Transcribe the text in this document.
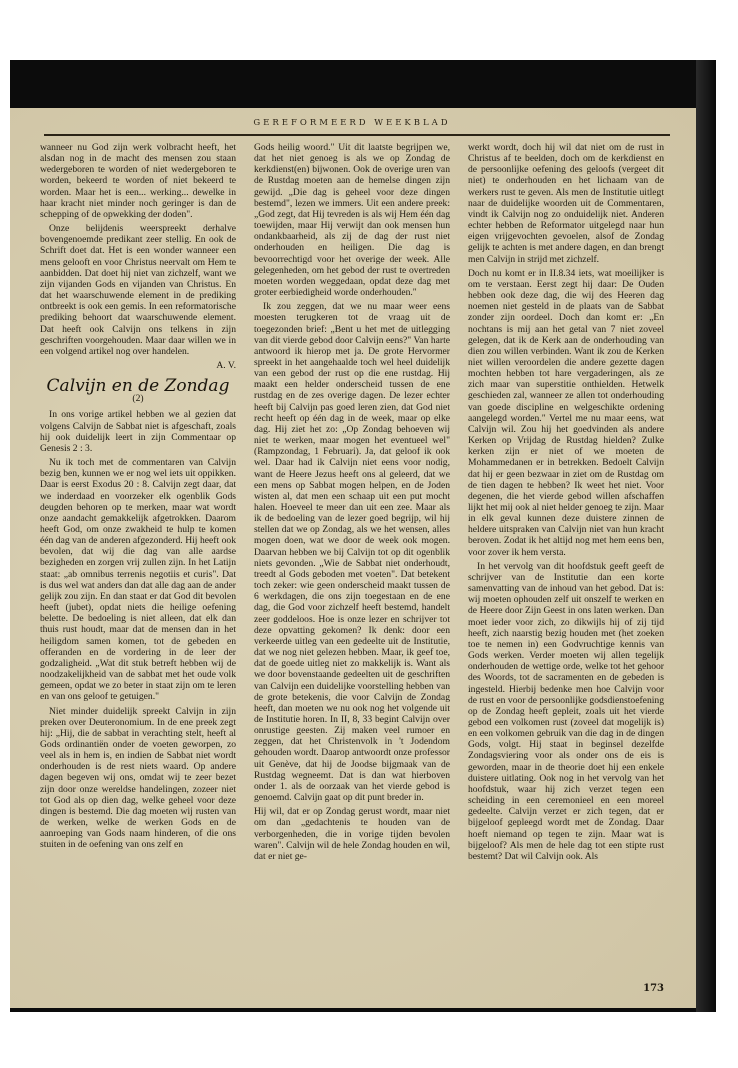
GEREFORMEERD WEEKBLAD

wanneer nu God zijn werk volbracht heeft, het alsdan nog in de macht des mensen zou staan wedergeboren te worden of niet wedergeboren te worden, bekeerd te worden of niet bekeerd te worden. Maar het is een... werking... dewelke in haar kracht niet minder noch geringer is dan de schepping of de opwekking der doden".

Onze belijdenis weerspreekt derhalve bovengenoemde predikant zeer stellig. En ook de Schrift doet dat. Het is een wonder wanneer een mens gelooft en voor Christus neervalt om Hem te aanbidden. Dat doet hij niet van zichzelf, want we zijn vijanden Gods en vijanden van Christus. En dat het waarschuwende element in de prediking ontbreekt is ook een gemis. In een reformatorische prediking behoort dat waarschuwende element. Dat heeft ook Calvijn ons telkens in zijn geschriften voorgehouden. Maar daar willen we in een volgend artikel nog over handelen.

A. V.

Calvijn en de Zondag
(2)

In ons vorige artikel hebben we al gezien dat volgens Calvijn de Sabbat niet is afgeschaft, zoals hij ook duidelijk leert in zijn Commentaar op Genesis 2 : 3.

Nu ik toch met de commentaren van Calvijn bezig ben, kunnen we er nog wel iets uit oppikken. Daar is eerst Exodus 20 : 8. Calvijn zegt daar, dat we inderdaad en voorzeker elk ogenblik Gods deugden behoren op te merken, maar wat wordt onze aandacht gemakkelijk afgetrokken. Daarom heeft God, om onze zwakheid te hulp te komen één dag van de anderen afgezonderd. Hij heeft ook bevolen, dat wij die dag van alle aardse bezigheden en zorgen vrij zullen zijn. In het Latijn staat: „ab omnibus terrenis negotiis et curis". Dat is dus wel wat anders dan dat alle dag aan de ander gelijk zou zijn. En dan staat er dat God dit bevolen heeft (jubet), opdat niets die heilige oefening belette. De bedoeling is niet alleen, dat elk dan thuis rust houdt, maar dat de mensen dan in het heiligdom samen komen, tot de gebeden en offeranden en de vordering in de leer der godzaligheid. „Wat dit stuk betreft hebben wij de noodzakelijkheid van de sabbat met het oude volk gemeen, opdat we zo beter in staat zijn om te leren en van ons geloof te getuigen."

Niet minder duidelijk spreekt Calvijn in zijn preken over Deuteronomium. In de ene preek zegt hij: „Hij, die de sabbat in verachting stelt, heeft al Gods ordinantiën onder de voeten geworpen, zo veel als in hem is, en indien de Sabbat niet wordt onderhouden is de rest niets waard. Op andere dagen begeven wij ons, omdat wij te zeer bezet zijn door onze wereldse handelingen, zozeer niet tot God als op dien dag, welke geheel voor deze dingen is bestemd. Die dag moeten wij rusten van de werken, welke de werken Gods en de aanroeping van Gods naam hinderen, of die ons stuiten in de oefening van ons zelf en

Gods heilig woord." Uit dit laatste begrijpen we, dat het niet genoeg is als we op Zondag de kerkdienst(en) bijwonen. Ook de overige uren van de Rustdag moeten aan de hemelse dingen zijn gewijd. „Die dag is geheel voor deze dingen bestemd", lezen we immers. Uit een andere preek: „God zegt, dat Hij tevreden is als wij Hem één dag toewijden, maar Hij verwijt dan ook mensen hun ondankbaarheid, als zij de dag der rust niet onderhouden en heiligen. Die dag is bevoorrechtigd voor het overige der week. Alle gelegenheden, om het gebod der rust te overtreden moeten worden weggedaan, opdat deze dag met groter eerbiedigheid worde onderhouden."

Ik zou zeggen, dat we nu maar weer eens moesten terugkeren tot de vraag uit de toegezonden brief: „Bent u het met de uitlegging van dit vierde gebod door Calvijn eens?" Van harte antwoord ik hierop met ja. De grote Hervormer spreekt in het aangehaalde toch wel heel duidelijk van een gebod der rust op die ene rustdag. Hij maakt een helder onderscheid tussen de ene rustdag en de zes overige dagen. De lezer echter heeft bij Calvijn pas goed leren zien, dat God niet recht heeft op één dag in de week, maar op elke dag. Hij ziet het zo: „Op Zondag behoeven wij niet te werken, maar mogen het eventueel wel" (Rampzondag, 1 Februari). Ja, dat geloof ik ook wel. Daar had ik Calvijn niet eens voor nodig, want de Heere Jezus heeft ons al geleerd, dat we een mens op Sabbat mogen helpen, en de Joden wisten al, dat men een schaap uit een put mocht halen. Hoeveel te meer dan uit een zee. Maar als ik de bedoeling van de lezer goed begrijp, wil hij stellen dat we op Zondag, als we het wensen, alles mogen doen, wat we door de week ook mogen. Daarvan hebben we bij Calvijn tot op dit ogenblik niets gevonden. „Wie de Sabbat niet onderhoudt, treedt al Gods geboden met voeten". Dat betekent toch zeker: wie geen onderscheid maakt tussen de 6 werkdagen, die ons zijn toegestaan en de ene dag, die God voor zichzelf heeft bestemd, handelt zeer goddeloos. Hoe is onze lezer en schrijver tot deze opvatting gekomen? Ik denk: door een verkeerde uitleg van een gedeelte uit de Institutie, dat we nog niet gelezen hebben. Maar, ik geef toe, dat de goede uitleg niet zo makkelijk is. Want als we door bovenstaande gedeelten uit de geschriften van Calvijn een duidelijke voorstelling hebben van de grote betekenis, die voor Calvijn de Zondag heeft, dan moeten we nu ook nog het volgende uit de Institutie horen. In II, 8, 33 begint Calvijn over onrustige geesten. Zij maken veel rumoer en zeggen, dat het Christenvolk in 't Jodendom gehouden wordt. Daarop antwoordt onze professor uit Genève, dat hij de Joodse bijgmaak van de Rustdag wegneemt. Dat is dan wat hierboven onder 1. als de oorzaak van het vierde gebod is genoemd. Calvijn gaat op dit punt breder in.

Hij wil, dat er op Zondag gerust wordt, maar niet om dan „gedachtenis te houden van de verborgenheden, die in vorige tijden bevolen waren". Calvijn wil de hele Zondag houden en wil, dat er niet ge-

werkt wordt, doch hij wil dat niet om de rust in Christus af te beelden, doch om de kerkdienst en de persoonlijke oefening des geloofs (vergeet dit niet) te onderhouden en het lichaam van de werkers rust te geven. Als men de Institutie uitlegt naar de duidelijke woorden uit de Commentaren, vindt ik Calvijn nog zo onduidelijk niet. Anderen echter hebben de Reformator uitgelegd naar hun eigen vrijgevochten gevoelen, alsof de Zondag gelijk te achten is met andere dagen, en dan brengt men Calvijn in strijd met zichzelf.

Doch nu komt er in II.8.34 iets, wat moeilijker is om te verstaan. Eerst zegt hij daar: De Ouden hebben ook deze dag, die wij des Heeren dag noemen niet gesteld in de plaats van de Sabbat zonder zijn oordeel. Doch dan komt er: „En nochtans is mij aan het getal van 7 niet zoveel gelegen, dat ik de Kerk aan de onderhouding van dien zou willen verbinden. Want ik zou de Kerken niet willen veroordelen die andere gezette dagen mochten hebben tot hare vergaderingen, als ze zich maar van superstitie onthielden. Hetwelk geschieden zal, wanneer ze allen tot onderhouding van goede discipline en welgeschikte ordening aangelegd worden." Vertel me nu maar eens, wat Calvijn wil. Zou hij het goedvinden als andere Kerken op Vrijdag de Rustdag hielden? Zulke kerken zijn er niet of we moeten de Mohammedanen er in betrekken. Bedoelt Calvijn dat hij er geen bezwaar in ziet om de Rustdag om de tien dagen te hebben? Ik weet het niet. Voor degenen, die het vierde gebod willen afschaffen lijkt het mij ook al niet helder genoeg te zijn. Maar in elk geval kunnen deze duistere zinnen de heldere uitspraken van Calvijn niet van hun kracht beroven. Zodat ik het altijd nog met hem eens ben, voor zover ik hem versta.

In het vervolg van dit hoofdstuk geeft geeft de schrijver van de Institutie dan een korte samenvatting van de inhoud van het gebod. Dat is: wij moeten ophouden zelf uit onszelf te werken en de Heere door Zijn Geest in ons laten werken. Dan moet ieder voor zich, zo dikwijls hij of zij tijd heeft, zich naarstig bezig houden met (het zoeken toe te nemen in) een Godvruchtige kennis van Gods werken. Verder moeten wij allen tegelijk onderhouden de wettige orde, welke tot het gehoor des Woords, tot de sacramenten en de gebeden is ingesteld. Hierbij bedenke men hoe Calvijn voor de rust en voor de persoonlijke godsdienstoefening op de Zondag heeft gepleit, zoals uit het vierde gebod een volkomen rust (zoveel dat mogelijk is) en een volkomen gebruik van die dag in de dingen Gods, volgt. Hij staat in beginsel dezelfde Zondagsviering voor als onder ons de eis is geworden, maar in de theorie doet hij een enkele duistere uitlating. Ook nog in het vervolg van het hoofdstuk, waar hij zich verzet tegen een scheiding in een ceremonieel en een moreel gedeelte. Calvijn verzet er zich tegen, dat er bijgeloof gepleegd wordt met de Zondag. Daar hoeft niemand op tegen te zijn. Maar wat is bijgeloof? Als men de hele dag tot een stipte rust bestemt? Dat wil Calvijn ook. Als

173
